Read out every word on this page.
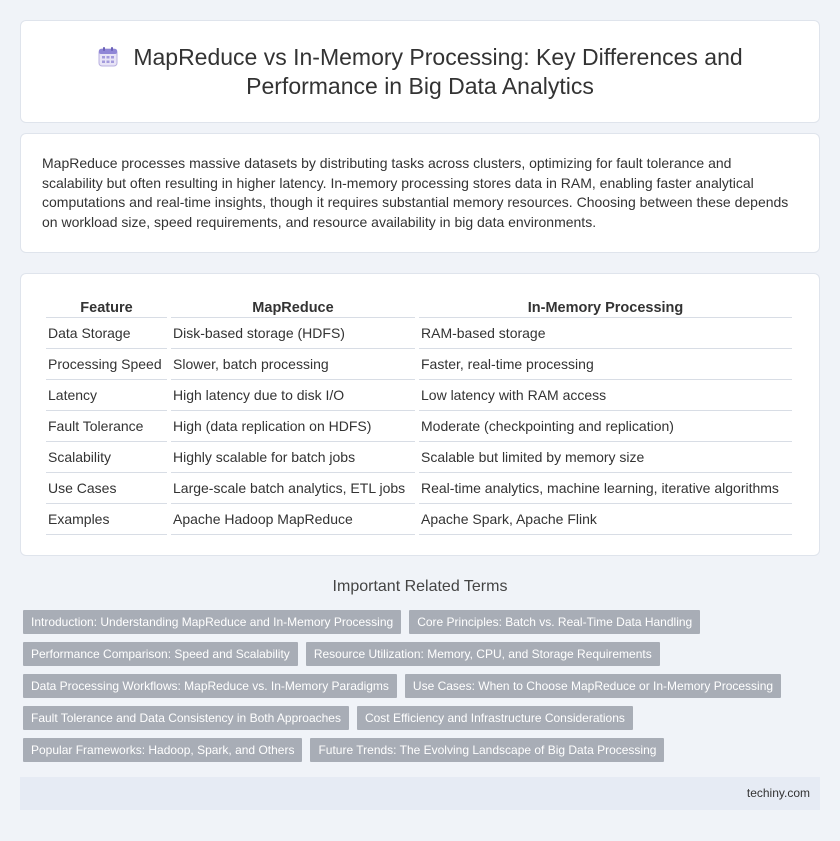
MapReduce vs In-Memory Processing: Key Differences and Performance in Big Data Analytics

MapReduce processes massive datasets by distributing tasks across clusters, optimizing for fault tolerance and scalability but often resulting in higher latency. In-memory processing stores data in RAM, enabling faster analytical computations and real-time insights, though it requires substantial memory resources. Choosing between these depends on workload size, speed requirements, and resource availability in big data environments.

Feature	MapReduce	In-Memory Processing
Data Storage	Disk-based storage (HDFS)	RAM-based storage
Processing Speed	Slower, batch processing	Faster, real-time processing
Latency	High latency due to disk I/O	Low latency with RAM access
Fault Tolerance	High (data replication on HDFS)	Moderate (checkpointing and replication)
Scalability	Highly scalable for batch jobs	Scalable but limited by memory size
Use Cases	Large-scale batch analytics, ETL jobs	Real-time analytics, machine learning, iterative algorithms
Examples	Apache Hadoop MapReduce	Apache Spark, Apache Flink
Important Related Terms
Introduction: Understanding MapReduce and In-Memory Processing	Core Principles: Batch vs. Real-Time Data Handling
Performance Comparison: Speed and Scalability	Resource Utilization: Memory, CPU, and Storage Requirements
Data Processing Workflows: MapReduce vs. In-Memory Paradigms	Use Cases: When to Choose MapReduce or In-Memory Processing
Fault Tolerance and Data Consistency in Both Approaches	Cost Efficiency and Infrastructure Considerations
Popular Frameworks: Hadoop, Spark, and Others	Future Trends: The Evolving Landscape of Big Data Processing
techiny.com
